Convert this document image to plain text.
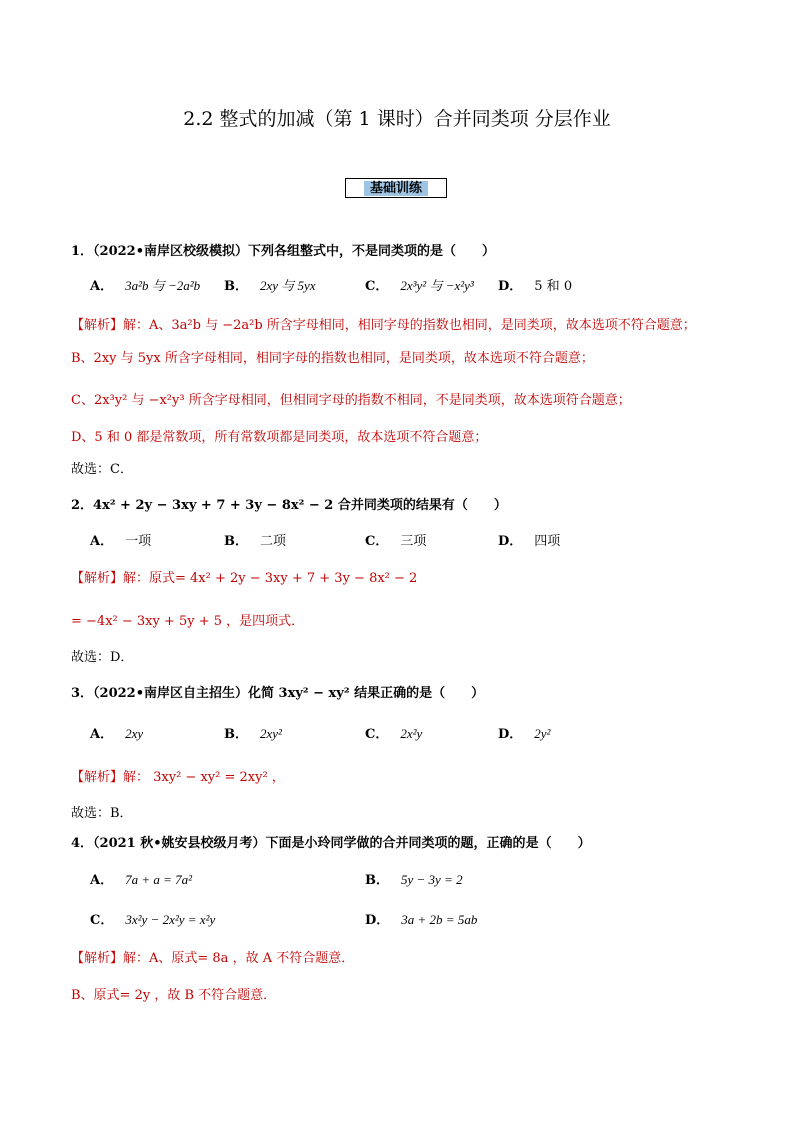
2.2 整式的加减（第 1 课时）合并同类项 分层作业
基础训练
1．（2022•南岸区校级模拟）下列各组整式中，不是同类项的是（　　）
A． 3a²b 与 −2a²b B． 2xy 与 5yx	C． 2x³y² 与 −x²y³ D． 5 和 0
【解析】解：A、3a²b 与 −2a²b 所含字母相同，相同字母的指数也相同，是同类项，故本选项不符合题意；
B、2xy 与 5yx 所含字母相同，相同字母的指数也相同，是同类项，故本选项不符合题意；
C、2x³y² 与 −x²y³ 所含字母相同，但相同字母的指数不相同，不是同类项，故本选项符合题意；
D、5 和 0 都是常数项，所有常数项都是同类项，故本选项不符合题意；
故选：C．
2．4x² + 2y − 3xy + 7 + 3y − 8x² − 2 合并同类项的结果有（　　）
A． 一项	B． 二项	C． 三项	D． 四项
【解析】解：原式= 4x² + 2y − 3xy + 7 + 3y − 8x² − 2
= −4x² − 3xy + 5y + 5 ，是四项式．
故选：D．
3．（2022•南岸区自主招生）化简 3xy² − xy² 结果正确的是（　　）
A． 2xy	B． 2xy²	C． 2x²y	D． 2y²
【解析】解： 3xy² − xy² = 2xy² ，
故选：B．
4．（2021 秋•姚安县校级月考）下面是小玲同学做的合并同类项的题，正确的是（　　）
A． 7a + a = 7a²	B． 5y − 3y = 2
C． 3x²y − 2x²y = x²y	D． 3a + 2b = 5ab
【解析】解：A、原式= 8a ，故 A 不符合题意．
B、原式= 2y ，故 B 不符合题意．
